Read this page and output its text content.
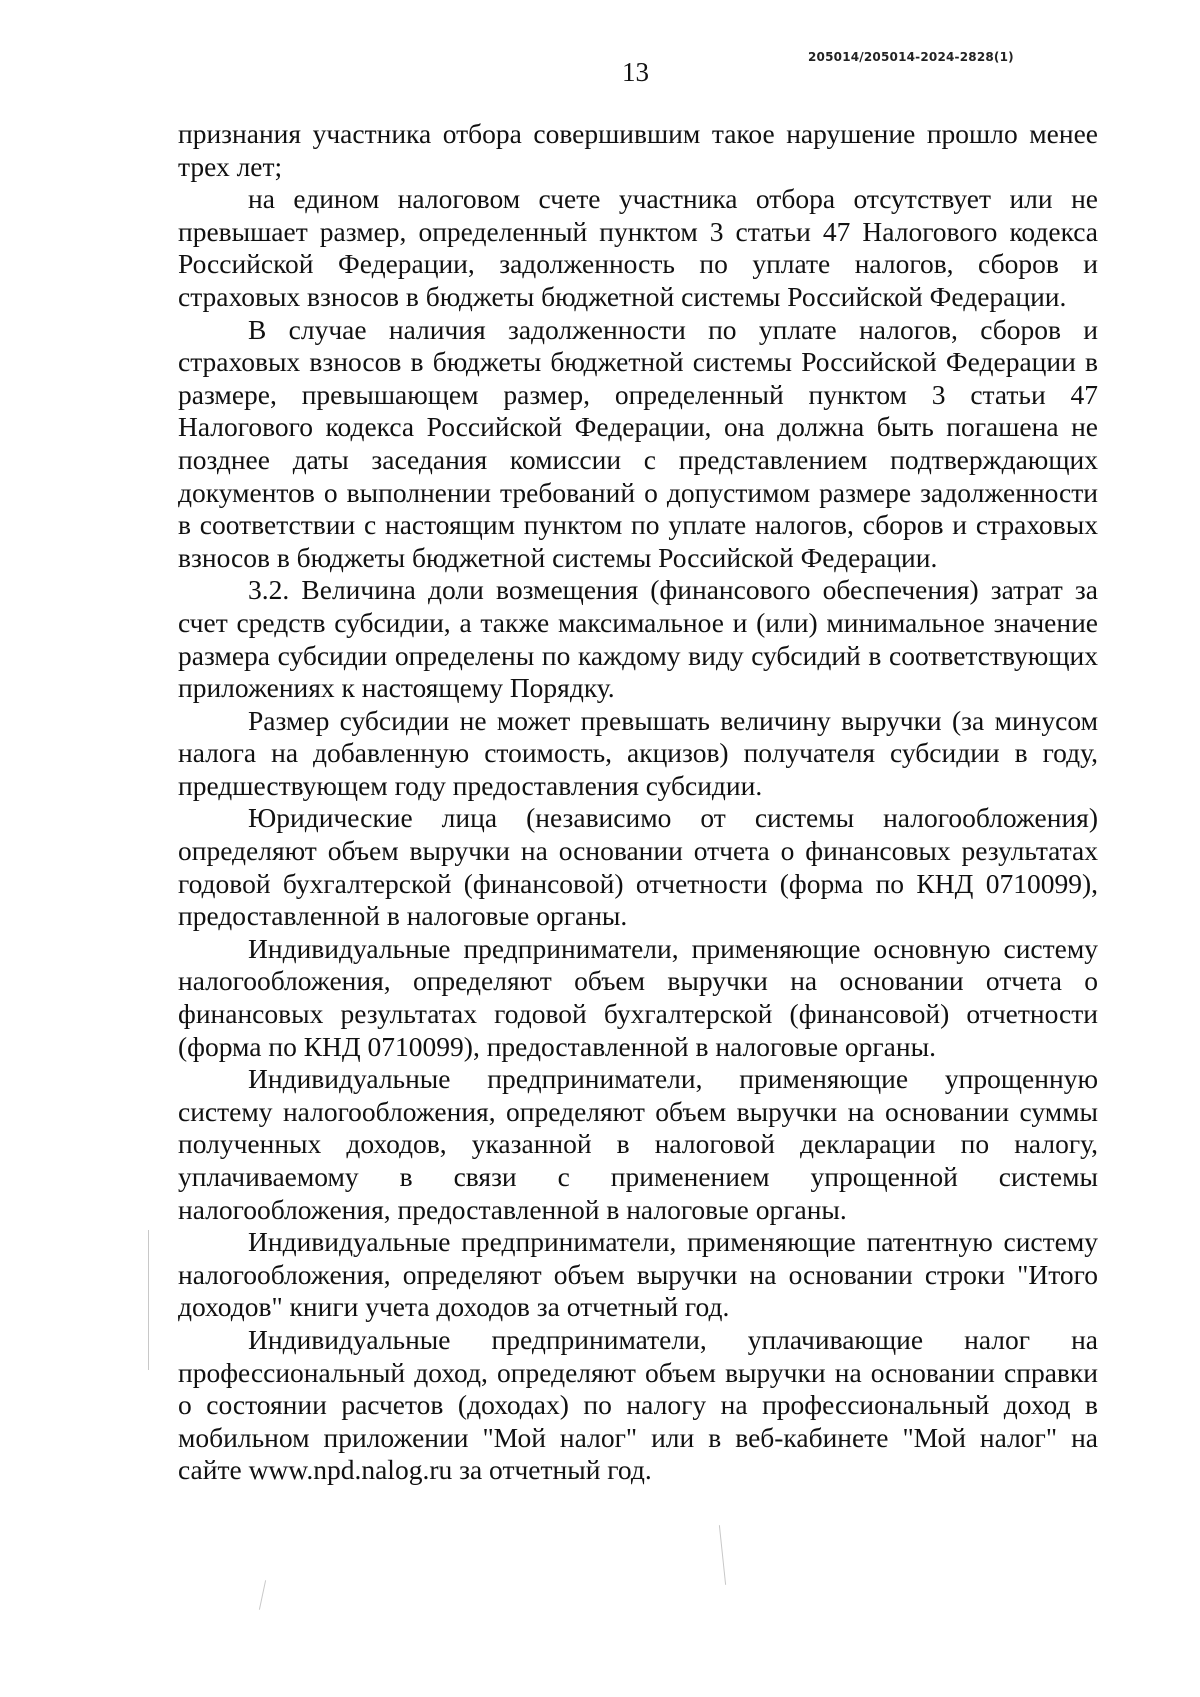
13	205014/205014-2024-2828(1)

признания участника отбора совершившим такое нарушение прошло менее трех лет;

на едином налоговом счете участника отбора отсутствует или не превышает размер, определенный пунктом 3 статьи 47 Налогового кодекса Российской Федерации, задолженность по уплате налогов, сборов и страховых взносов в бюджеты бюджетной системы Российской Федерации.

В случае наличия задолженности по уплате налогов, сборов и страховых взносов в бюджеты бюджетной системы Российской Федерации в размере, превышающем размер, определенный пунктом 3 статьи 47 Налогового кодекса Российской Федерации, она должна быть погашена не позднее даты заседания комиссии с представлением подтверждающих документов о выполнении требований о допустимом размере задолженности в соответствии с настоящим пунктом по уплате налогов, сборов и страховых взносов в бюджеты бюджетной системы Российской Федерации.

3.2. Величина доли возмещения (финансового обеспечения) затрат за счет средств субсидии, а также максимальное и (или) минимальное значение размера субсидии определены по каждому виду субсидий в соответствующих приложениях к настоящему Порядку.

Размер субсидии не может превышать величину выручки (за минусом налога на добавленную стоимость, акцизов) получателя субсидии в году, предшествующем году предоставления субсидии.

Юридические лица (независимо от системы налогообложения) определяют объем выручки на основании отчета о финансовых результатах годовой бухгалтерской (финансовой) отчетности (форма по КНД 0710099), предоставленной в налоговые органы.

Индивидуальные предприниматели, применяющие основную систему налогообложения, определяют объем выручки на основании отчета о финансовых результатах годовой бухгалтерской (финансовой) отчетности (форма по КНД 0710099), предоставленной в налоговые органы.

Индивидуальные предприниматели, применяющие упрощенную систему налогообложения, определяют объем выручки на основании суммы полученных доходов, указанной в налоговой декларации по налогу, уплачиваемому в связи с применением упрощенной системы налогообложения, предоставленной в налоговые органы.

Индивидуальные предприниматели, применяющие патентную систему налогообложения, определяют объем выручки на основании строки "Итого доходов" книги учета доходов за отчетный год.

Индивидуальные предприниматели, уплачивающие налог на профессиональный доход, определяют объем выручки на основании справки о состоянии расчетов (доходах) по налогу на профессиональный доход в мобильном приложении "Мой налог" или в веб-кабинете "Мой налог" на сайте www.npd.nalog.ru за отчетный год.
